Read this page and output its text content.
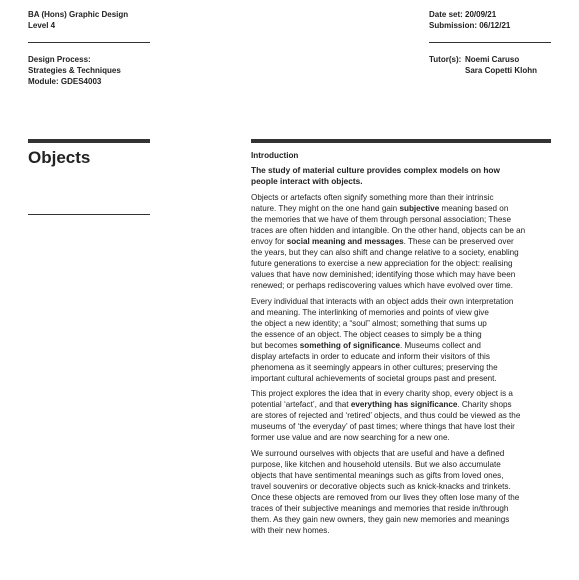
BA (Hons) Graphic Design
Level 4
Date set: 20/09/21
Submission: 06/12/21
Design Process:
Strategies & Techniques
Module: GDES4003
Tutor(s): Noemi Caruso
Sara Copetti Klohn
Objects	Introduction
The study of material culture provides complex models on how
people interact with objects.
Objects or artefacts often signify something more than their intrinsic
nature. They might on the one hand gain subjective meaning based on
the memories that we have of them through personal association; These
traces are often hidden and intangible. On the other hand, objects can be an
envoy for social meaning and messages. These can be preserved over
the years, but they can also shift and change relative to a society, enabling
future generations to exercise a new appreciation for the object: realising
values that have now deminished; identifying those which may have been
renewed; or perhaps rediscovering values which have evolved over time.
Every individual that interacts with an object adds their own interpretation
and meaning. The interlinking of memories and points of view give
the object a new identity; a “soul” almost; something that sums up
the essence of an object. The object ceases to simply be a thing
but becomes something of significance. Museums collect and
display artefacts in order to educate and inform their visitors of this
phenomena as it seemingly appears in other cultures; preserving the
important cultural achievements of societal groups past and present.
This project explores the idea that in every charity shop, every object is a
potential ‘artefact’, and that everything has significance. Charity shops
are stores of rejected and ‘retired’ objects, and thus could be viewed as the
museums of ‘the everyday’ of past times; where things that have lost their
former use value and are now searching for a new one.
We surround ourselves with objects that are useful and have a defined
purpose, like kitchen and household utensils. But we also accumulate
objects that have sentimental meanings such as gifts from loved ones,
travel souvenirs or decorative objects such as knick-knacks and trinkets.
Once these objects are removed from our lives they often lose many of the
traces of their subjective meanings and memories that reside in/through
them. As they gain new owners, they gain new memories and meanings
with their new homes.
